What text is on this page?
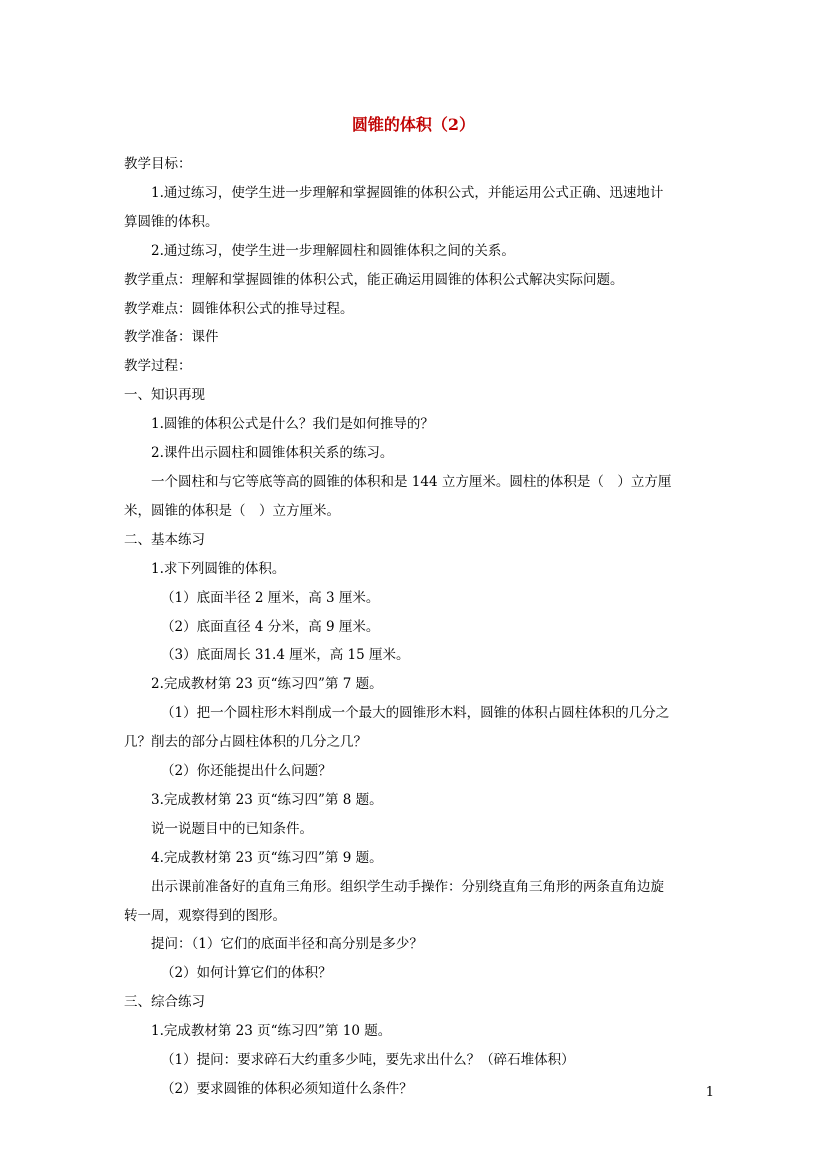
圆锥的体积（2）

教学目标：

1.通过练习，使学生进一步理解和掌握圆锥的体积公式，并能运用公式正确、迅速地计

算圆锥的体积。

2.通过练习，使学生进一步理解圆柱和圆锥体积之间的关系。

教学重点：理解和掌握圆锥的体积公式，能正确运用圆锥的体积公式解决实际问题。

教学难点：圆锥体积公式的推导过程。

教学准备：课件

教学过程：

一、知识再现

1.圆锥的体积公式是什么？我们是如何推导的？

2.课件出示圆柱和圆锥体积关系的练习。

一个圆柱和与它等底等高的圆锥的体积和是 144 立方厘米。圆柱的体积是（　）立方厘

米，圆锥的体积是（　）立方厘米。

二、基本练习

1.求下列圆锥的体积。

（1）底面半径 2 厘米，高 3 厘米。

（2）底面直径 4 分米，高 9 厘米。

（3）底面周长 31.4 厘米，高 15 厘米。

2.完成教材第 23 页“练习四”第 7 题。

（1）把一个圆柱形木料削成一个最大的圆锥形木料，圆锥的体积占圆柱体积的几分之

几？削去的部分占圆柱体积的几分之几？

（2）你还能提出什么问题？

3.完成教材第 23 页“练习四”第 8 题。

说一说题目中的已知条件。

4.完成教材第 23 页“练习四”第 9 题。

出示课前准备好的直角三角形。组织学生动手操作：分别绕直角三角形的两条直角边旋

转一周，观察得到的图形。

提问：（1）它们的底面半径和高分别是多少？

（2）如何计算它们的体积？

三、综合练习

1.完成教材第 23 页“练习四”第 10 题。

（1）提问：要求碎石大约重多少吨，要先求出什么？（碎石堆体积）

（2）要求圆锥的体积必须知道什么条件？	1
